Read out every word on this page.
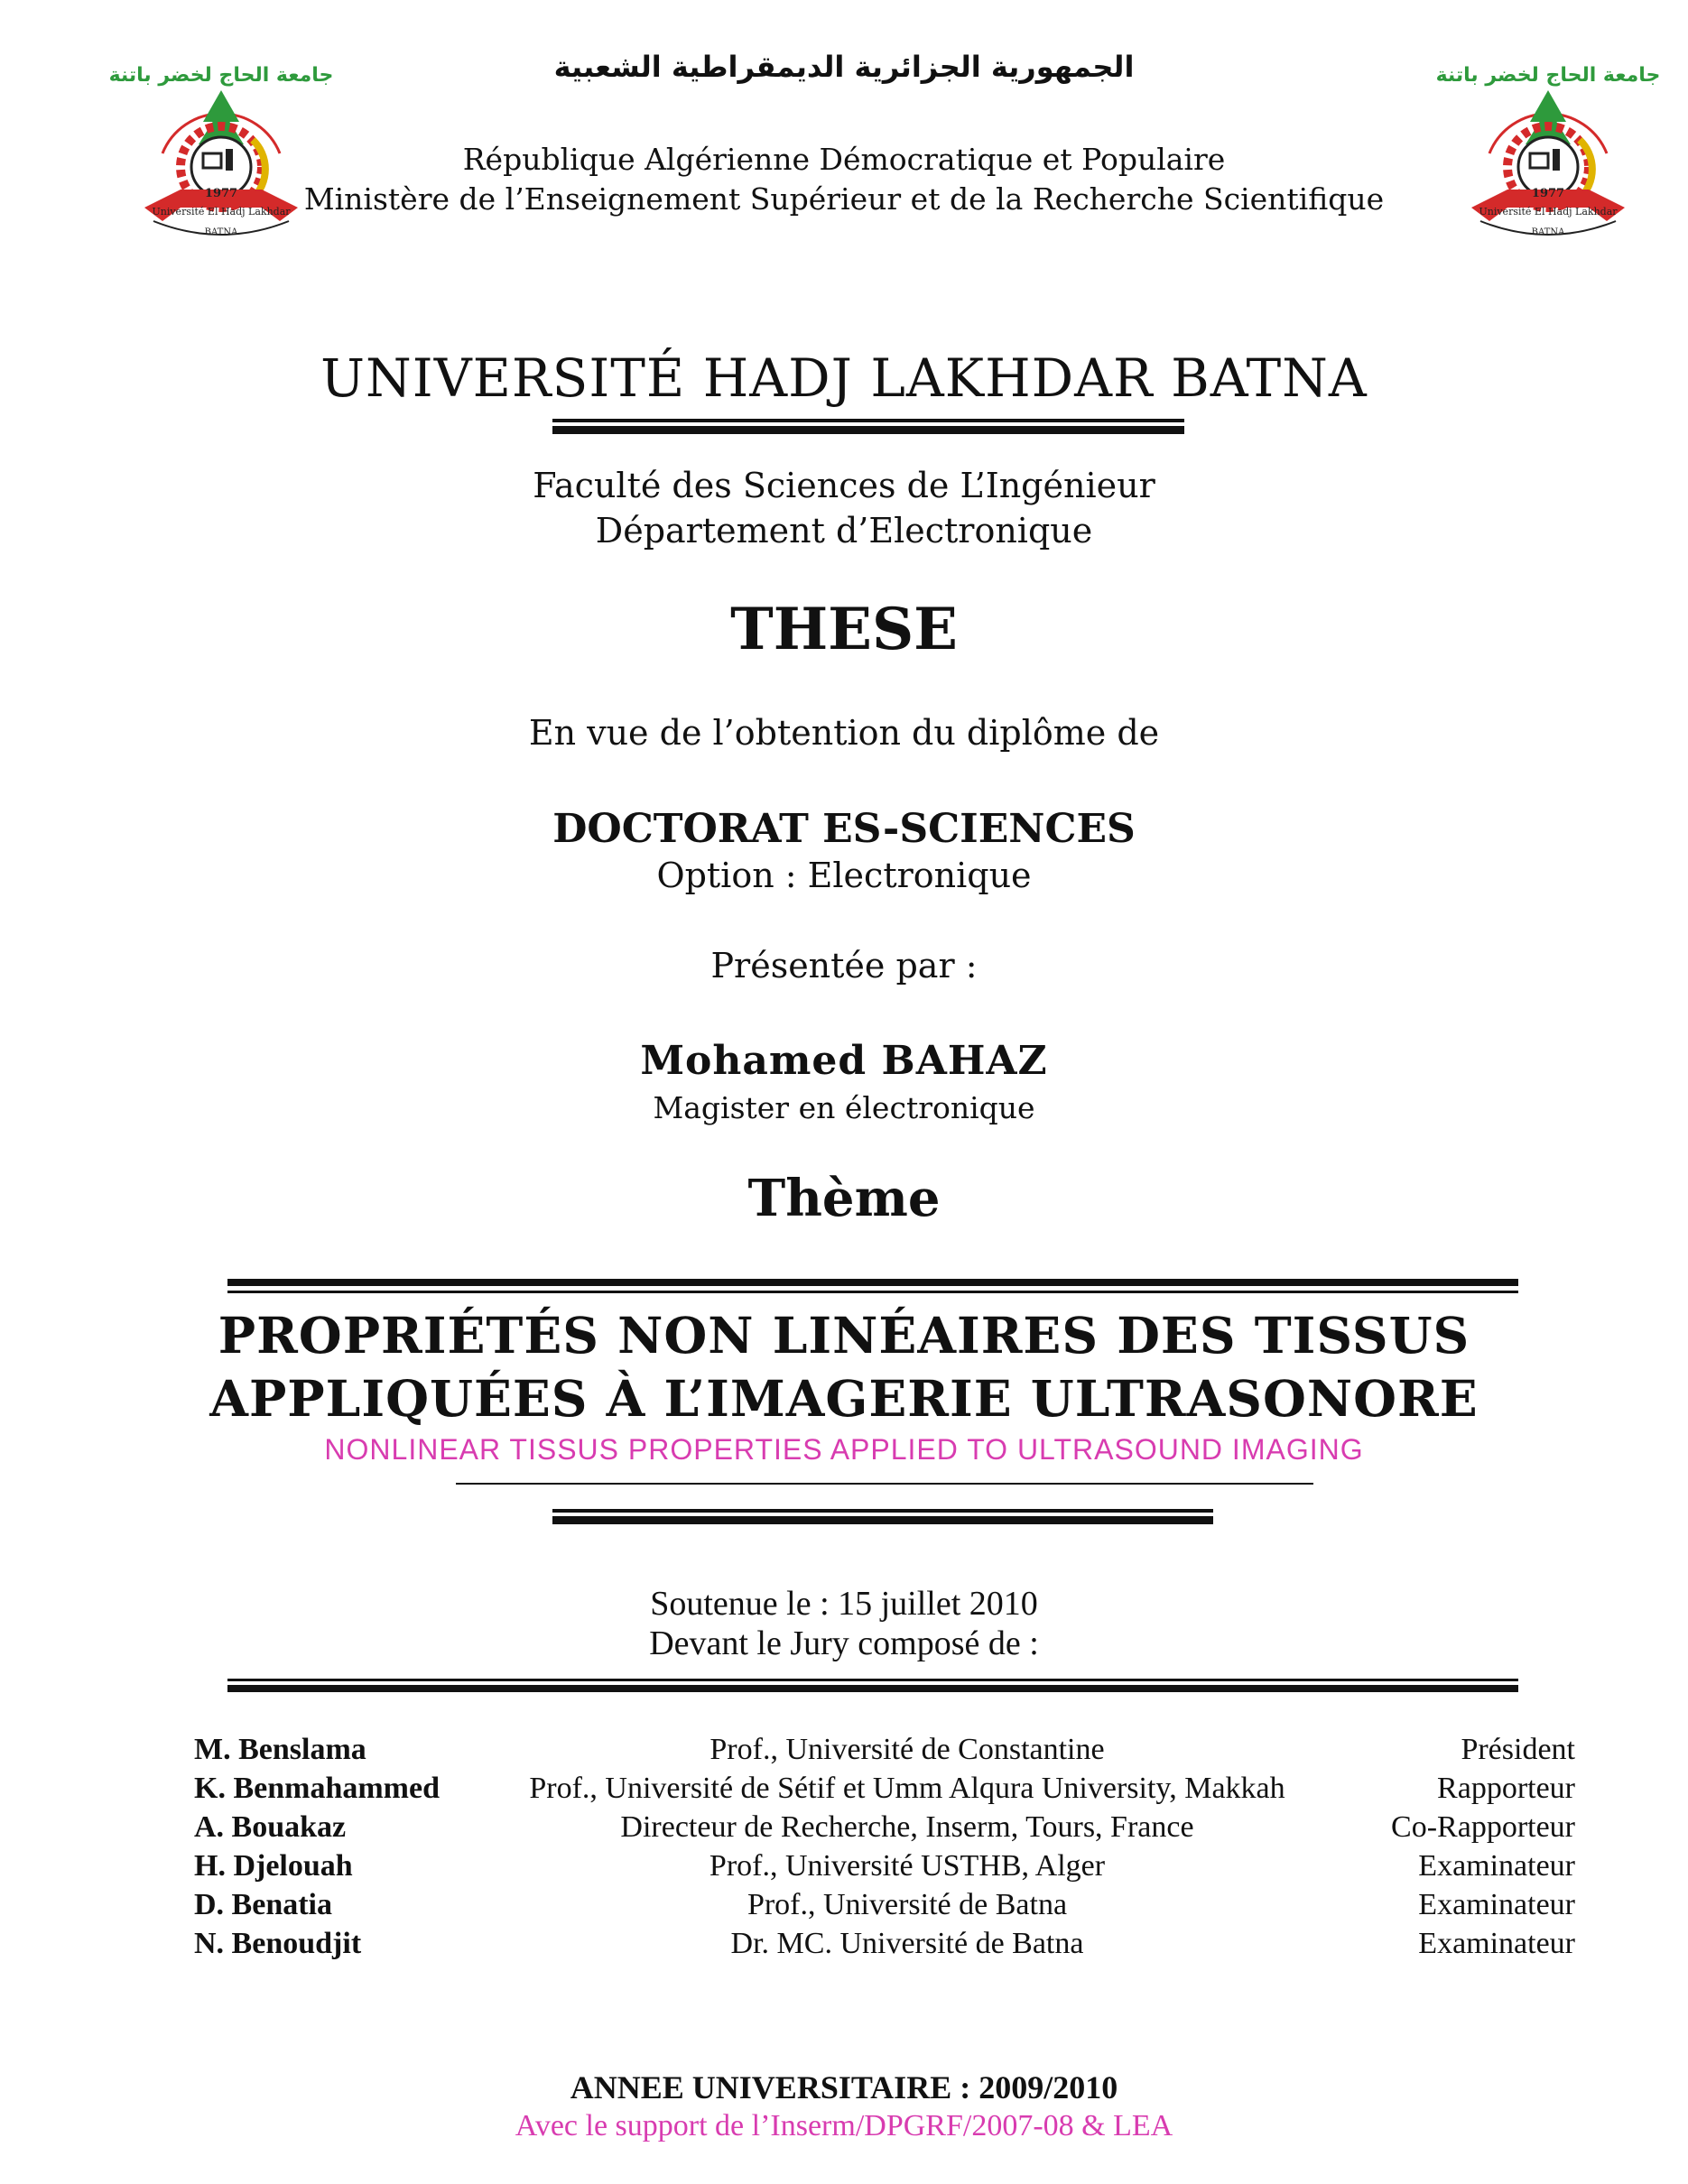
الجمهورية الجزائرية الديمقراطية الشعبية
République Algérienne Démocratique et Populaire
Ministère de l’Enseignement Supérieur et de la Recherche Scientifique
جامعة الحاج لخضر باتنة
1977
Université El Hadj Lakhdar
BATNA
جامعة الحاج لخضر باتنة
1977
Université El Hadj Lakhdar
BATNA
UNIVERSITÉ HADJ LAKHDAR BATNA
Faculté des Sciences de L’Ingénieur
Département d’Electronique
THESE
En vue de l’obtention du diplôme de
DOCTORAT ES-SCIENCES
Option : Electronique
Présentée par :
Mohamed BAHAZ
Magister en électronique
Thème
PROPRIÉTÉS NON LINÉAIRES DES TISSUS
APPLIQUÉES À L’IMAGERIE ULTRASONORE
NONLINEAR TISSUS PROPERTIES APPLIED TO ULTRASOUND IMAGING
Soutenue le : 15 juillet 2010
Devant le Jury composé de :
M. Benslama	Prof., Université de Constantine	Président
K. Benmahammed	Prof., Université de Sétif et Umm Alqura University, Makkah	Rapporteur
A. Bouakaz	Directeur de Recherche, Inserm, Tours, France	Co-Rapporteur
H. Djelouah	Prof., Université USTHB, Alger	Examinateur
D. Benatia	Prof., Université de Batna	Examinateur
N. Benoudjit	Dr. MC. Université de Batna	Examinateur
ANNEE UNIVERSITAIRE : 2009/2010
Avec le support de l’Inserm/DPGRF/2007-08 & LEA
